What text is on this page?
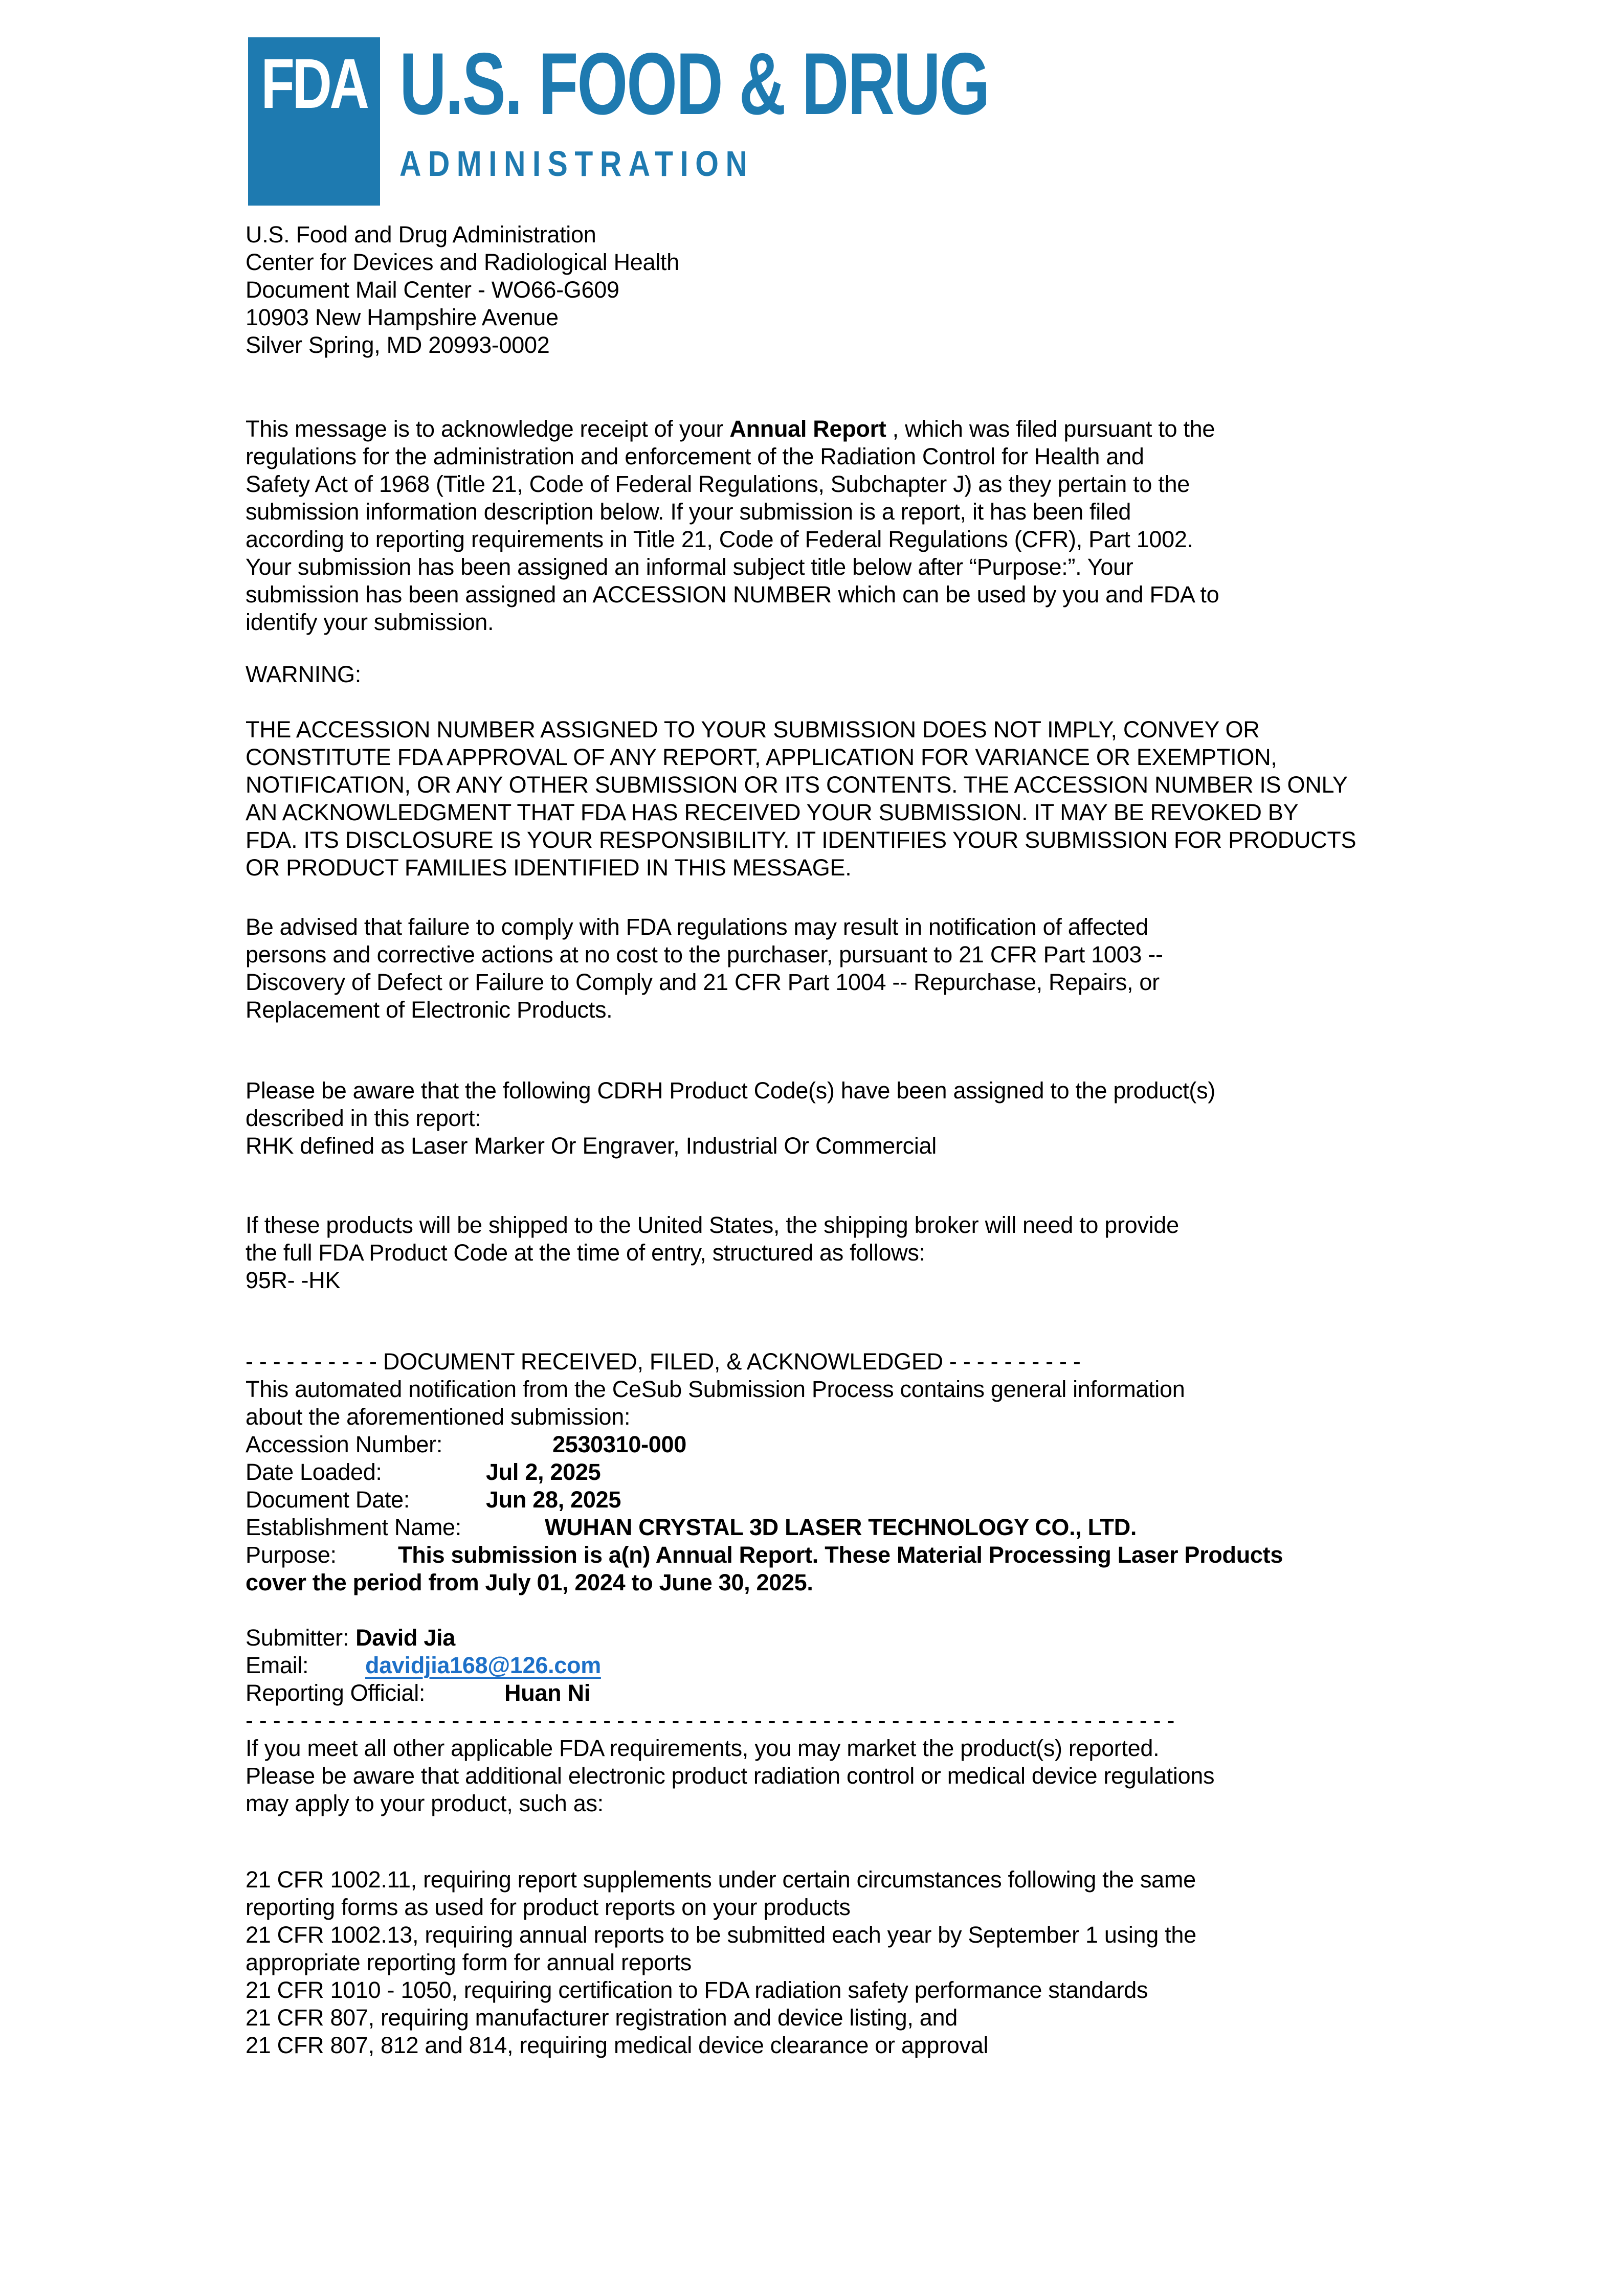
FDA U.S. FOOD & DRUG
ADMINISTRATION
U.S. Food and Drug Administration
Center for Devices and Radiological Health
Document Mail Center - WO66-G609
10903 New Hampshire Avenue
Silver Spring, MD 20993-0002

This message is to acknowledge receipt of your Annual Report , which was filed pursuant to the
regulations for the administration and enforcement of the Radiation Control for Health and
Safety Act of 1968 (Title 21, Code of Federal Regulations, Subchapter J) as they pertain to the
submission information description below. If your submission is a report, it has been filed
according to reporting requirements in Title 21, Code of Federal Regulations (CFR), Part 1002.
Your submission has been assigned an informal subject title below after “Purpose:”. Your
submission has been assigned an ACCESSION NUMBER which can be used by you and FDA to
identify your submission.

WARNING:

THE ACCESSION NUMBER ASSIGNED TO YOUR SUBMISSION DOES NOT IMPLY, CONVEY OR
CONSTITUTE FDA APPROVAL OF ANY REPORT, APPLICATION FOR VARIANCE OR EXEMPTION,
NOTIFICATION, OR ANY OTHER SUBMISSION OR ITS CONTENTS. THE ACCESSION NUMBER IS ONLY
AN ACKNOWLEDGMENT THAT FDA HAS RECEIVED YOUR SUBMISSION. IT MAY BE REVOKED BY
FDA. ITS DISCLOSURE IS YOUR RESPONSIBILITY. IT IDENTIFIES YOUR SUBMISSION FOR PRODUCTS
OR PRODUCT FAMILIES IDENTIFIED IN THIS MESSAGE.

Be advised that failure to comply with FDA regulations may result in notification of affected
persons and corrective actions at no cost to the purchaser, pursuant to 21 CFR Part 1003 --
Discovery of Defect or Failure to Comply and 21 CFR Part 1004 -- Repurchase, Repairs, or
Replacement of Electronic Products.

Please be aware that the following CDRH Product Code(s) have been assigned to the product(s)
described in this report:
RHK defined as Laser Marker Or Engraver, Industrial Or Commercial
If these products will be shipped to the United States, the shipping broker will need to provide
the full FDA Product Code at the time of entry, structured as follows:
95R- -HK
- - - - - - - - - - DOCUMENT RECEIVED, FILED, & ACKNOWLEDGED - - - - - - - - - -
This automated notification from the CeSub Submission Process contains general information
about the aforementioned submission:
Accession Number:	2530310-000
Date Loaded:	Jul 2, 2025
Document Date:	Jun 28, 2025
Establishment Name:	WUHAN CRYSTAL 3D LASER TECHNOLOGY CO., LTD.
Purpose:	This submission is a(n) Annual Report. These Material Processing Laser Products
cover the period from July 01, 2024 to June 30, 2025.
Submitter: David Jia
Email: davidjia168@126.com
Reporting Official:	Huan Ni
- - - - - - - - - - - - - - - - - - - - - - - - - - - - - - - - - - - - - - - - - - - - - - - - - - - - - - - - - - - - - - - - - - - -
If you meet all other applicable FDA requirements, you may market the product(s) reported.
Please be aware that additional electronic product radiation control or medical device regulations
may apply to your product, such as:
21 CFR 1002.11, requiring report supplements under certain circumstances following the same
reporting forms as used for product reports on your products
21 CFR 1002.13, requiring annual reports to be submitted each year by September 1 using the
appropriate reporting form for annual reports
21 CFR 1010 - 1050, requiring certification to FDA radiation safety performance standards
21 CFR 807, requiring manufacturer registration and device listing, and
21 CFR 807, 812 and 814, requiring medical device clearance or approval
